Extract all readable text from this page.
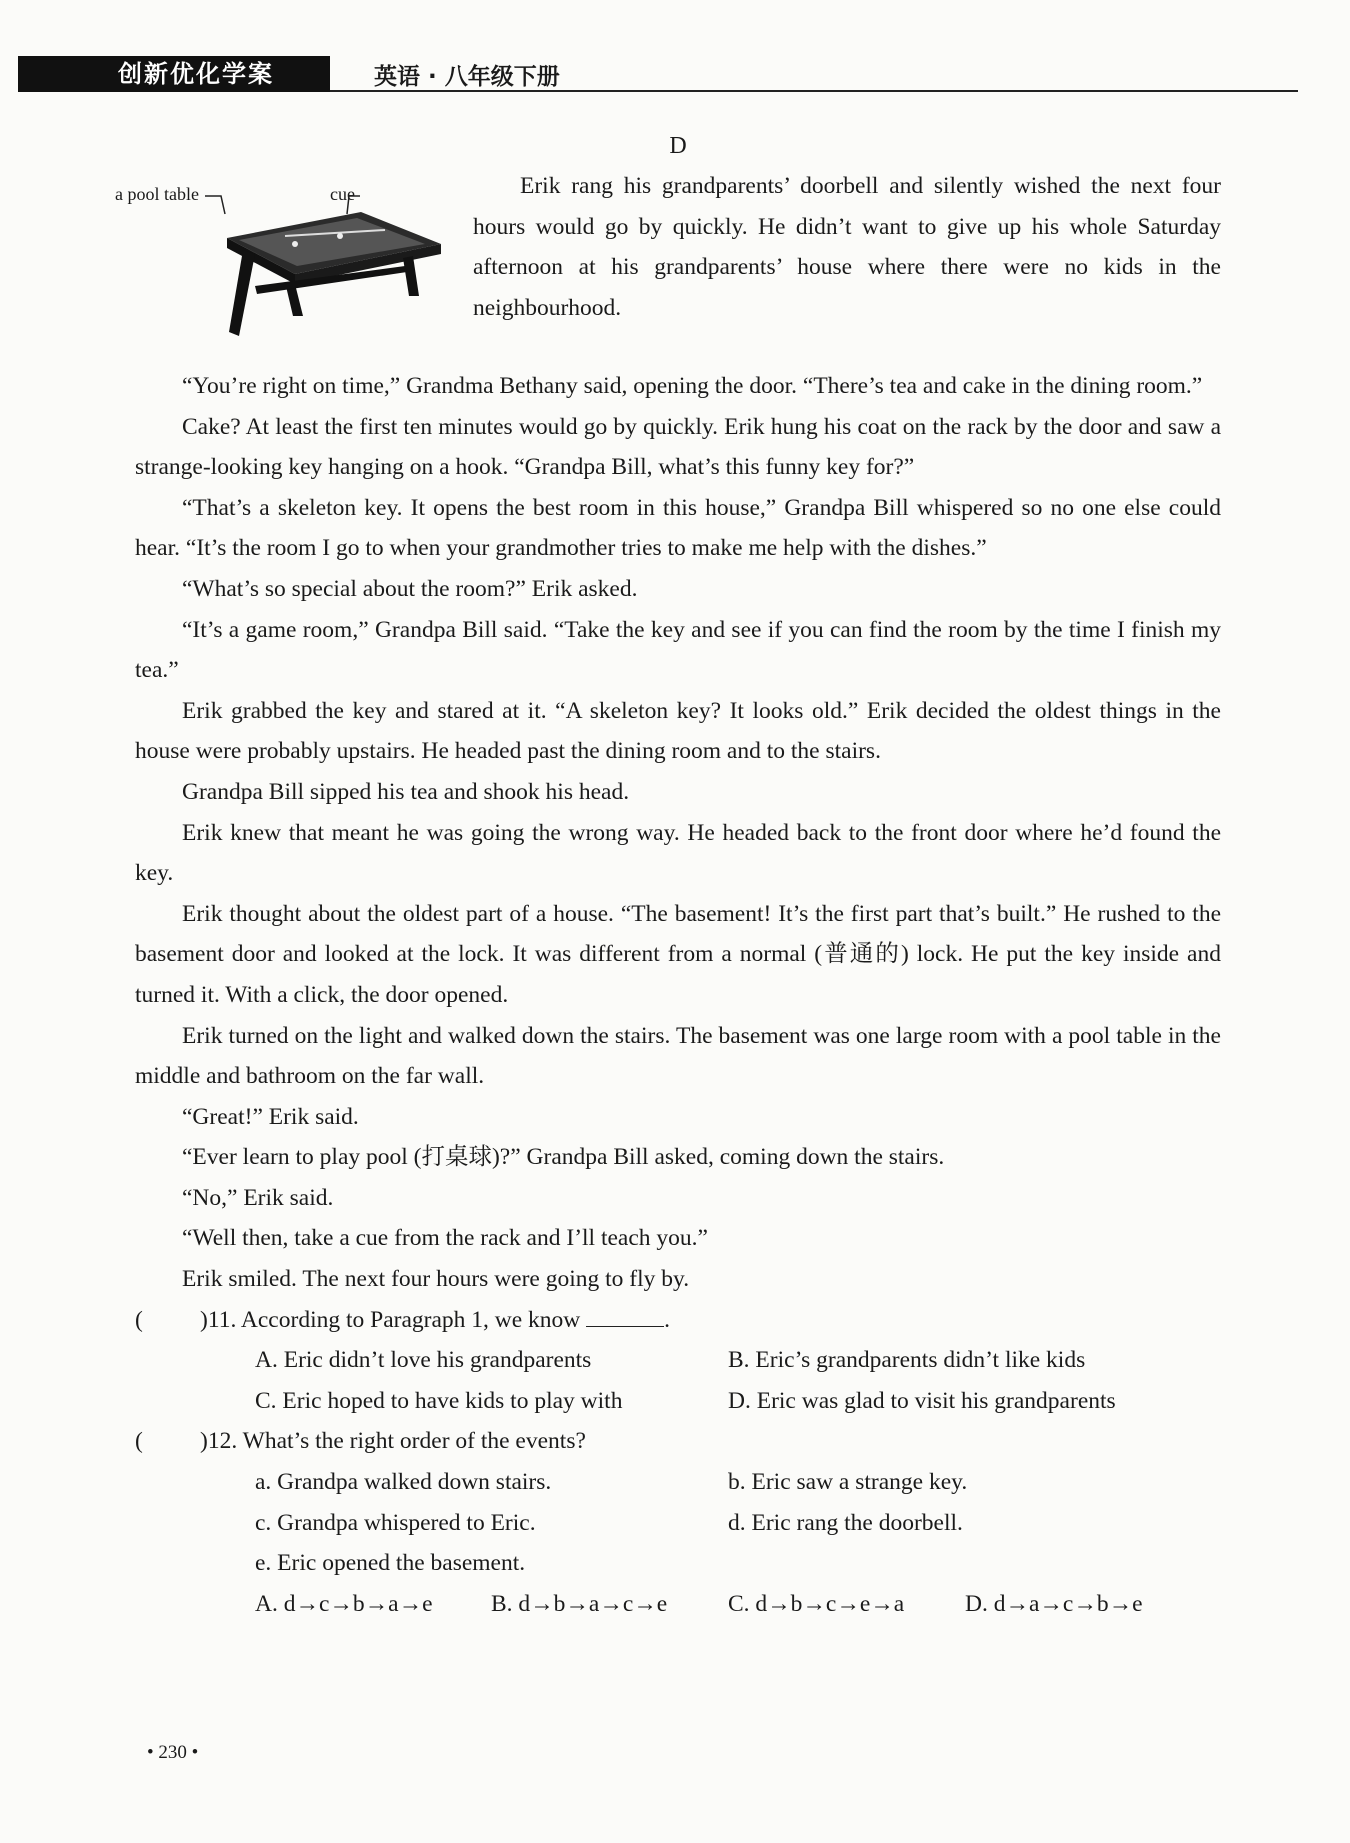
创新优化学案	英语 · 八年级下册
D
a pool table	cue	Erik rang his grandparents’ doorbell and silently wished the next four hours would go by quickly. He didn’t want to give up his whole Saturday afternoon at his grandparents’ house where there were no kids in the neighbourhood.

“You’re right on time,” Grandma Bethany said, opening the door. “There’s tea and cake in the dining room.”

Cake? At least the first ten minutes would go by quickly. Erik hung his coat on the rack by the door and saw a strange-looking key hanging on a hook. “Grandpa Bill, what’s this funny key for?”

“That’s a skeleton key. It opens the best room in this house,” Grandpa Bill whispered so no one else could hear. “It’s the room I go to when your grandmother tries to make me help with the dishes.”

“What’s so special about the room?” Erik asked.

“It’s a game room,” Grandpa Bill said. “Take the key and see if you can find the room by the time I finish my tea.”

Erik grabbed the key and stared at it. “A skeleton key? It looks old.” Erik decided the oldest things in the house were probably upstairs. He headed past the dining room and to the stairs.

Grandpa Bill sipped his tea and shook his head.

Erik knew that meant he was going the wrong way. He headed back to the front door where he’d found the key.

Erik thought about the oldest part of a house. “The basement! It’s the first part that’s built.” He rushed to the basement door and looked at the lock. It was different from a normal (普通的) lock. He put the key inside and turned it. With a click, the door opened.

Erik turned on the light and walked down the stairs. The basement was one large room with a pool table in the middle and bathroom on the far wall.

“Great!” Erik said.

“Ever learn to play pool (打桌球)?” Grandpa Bill asked, coming down the stairs.

“No,” Erik said.

“Well then, take a cue from the rack and I’ll teach you.”

Erik smiled. The next four hours were going to fly by.

( )11. According to Paragraph 1, we know	.
A. Eric didn’t love his grandparents	B. Eric’s grandparents didn’t like kids
C. Eric hoped to have kids to play with	D. Eric was glad to visit his grandparents
( )12. What’s the right order of the events?
a. Grandpa walked down stairs.	b. Eric saw a strange key.
c. Grandpa whispered to Eric.	d. Eric rang the doorbell.
e. Eric opened the basement.
A. d→c→b→a→e B. d→b→a→c→e	C. d→b→c→e→a	D. d→a→c→b→e
• 230 •
